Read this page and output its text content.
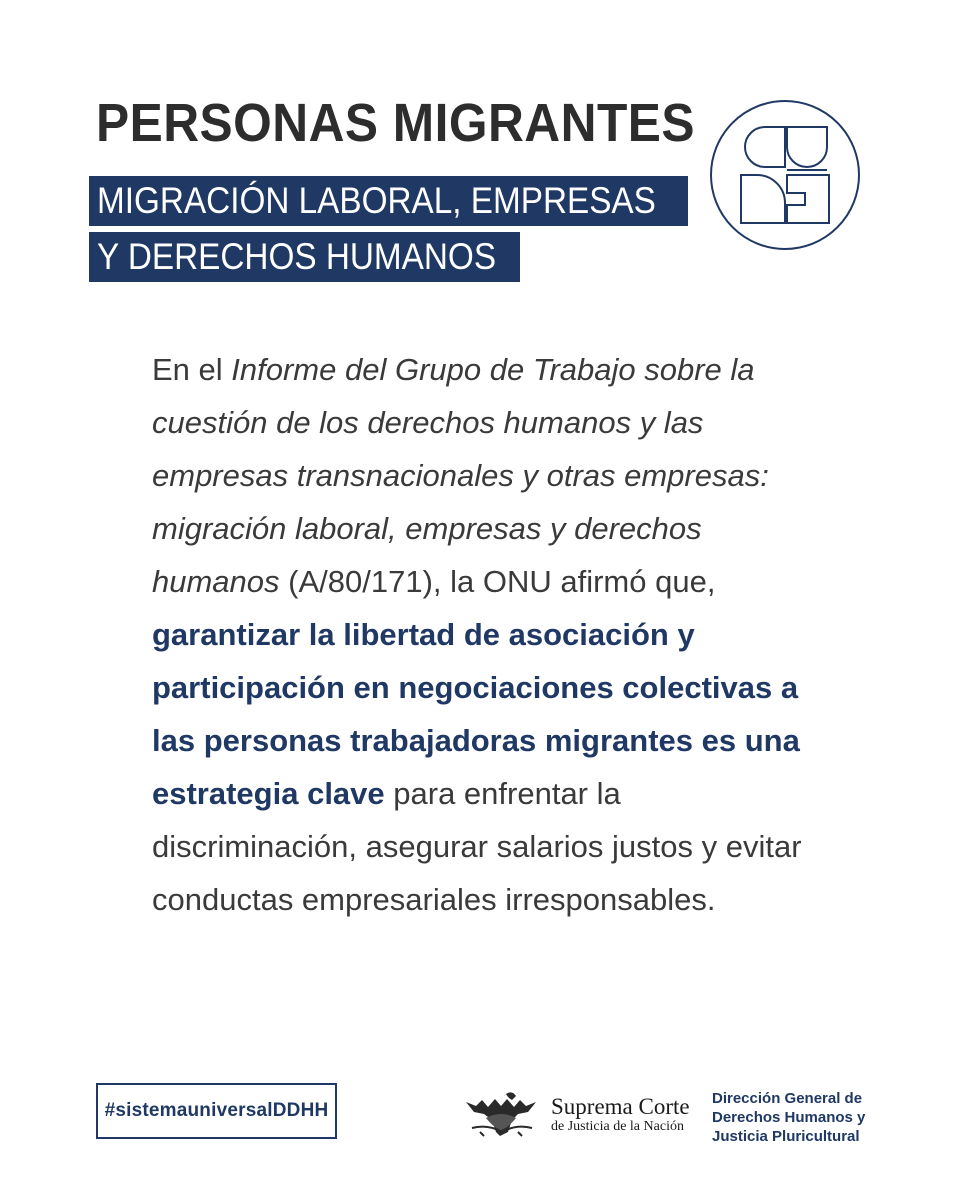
PERSONAS MIGRANTES
MIGRACIÓN LABORAL, EMPRESAS
Y DERECHOS HUMANOS

En el Informe del Grupo de Trabajo sobre la cuestión de los derechos humanos y las empresas transnacionales y otras empresas: migración laboral, empresas y derechos humanos (A/80/171), la ONU afirmó que, garantizar la libertad de asociación y participación en negociaciones colectivas a las personas trabajadoras migrantes es una estrategia clave para enfrentar la discriminación, asegurar salarios justos y evitar conductas empresariales irresponsables.

#sistemauniversalDDHH	Suprema Corte
de Justicia de la Nación

Dirección General de
Derechos Humanos y
Justicia Pluricultural
